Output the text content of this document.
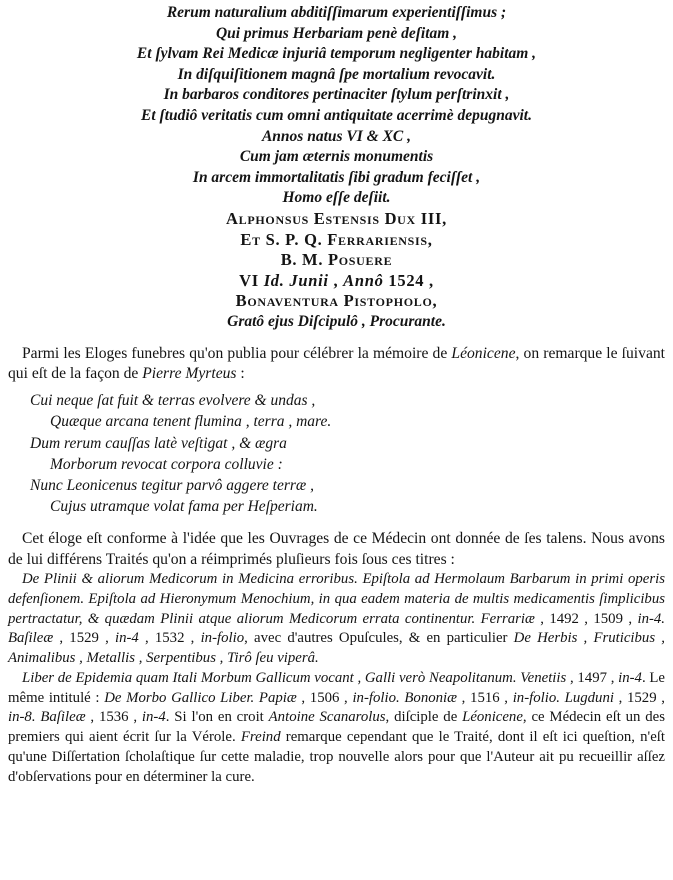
Rerum naturalium abditiſſimarum experientiſſimus ;
Qui primus Herbariam penè deſitam ,
Et ſylvam Rei Medicæ injuriâ temporum negligenter habitam ,
In diſquiſitionem magnâ ſpe mortalium revocavit.
In barbaros conditores pertinaciter ſtylum perſtrinxit ,
Et ſtudiô veritatis cum omni antiquitate acerrimè depugnavit.
Annos natus VI & XC ,
Cum jam æternis monumentis
In arcem immortalitatis ſibi gradum feciſſet ,
Homo eſſe deſiit.
Alphonsus Estensis Dux III,
Et S. P. Q. Ferrariensis,
B. M. Posuere
VI Id. Junii , Annô 1524 ,
Bonaventura Pistopholo,
Gratô ejus Diſcipulô , Procurante.

Parmi les Eloges funebres qu'on publia pour célébrer la mémoire de Léonicene, on remarque le ſuivant qui eſt de la façon de Pierre Myrteus :

Cui neque ſat fuit & terras evolvere & undas ,
Quæque arcana tenent flumina , terra , mare.
Dum rerum cauſſas latè veſtigat , & ægra
Morborum revocat corpora colluvie :
Nunc Leonicenus tegitur parvô aggere terræ ,
Cujus utramque volat fama per Heſperiam.

Cet éloge eſt conforme à l'idée que les Ouvrages de ce Médecin ont donnée de ſes talens. Nous avons de lui différens Traités qu'on a réimprimés pluſieurs fois ſous ces titres :

De Plinii & aliorum Medicorum in Medicina erroribus. Epiſtola ad Hermolaum Barbarum in primi operis defenſionem. Epiſtola ad Hieronymum Menochium, in qua eadem materia de multis medicamentis ſimplicibus pertractatur, & quædam Plinii atque aliorum Medicorum errata continentur. Ferrariæ , 1492 , 1509 , in-4. Baſileæ , 1529 , in-4 , 1532 , in-folio, avec d'autres Opuſcules, & en particulier De Herbis , Fruticibus , Animalibus , Metallis , Serpentibus , Tirô ſeu viperâ.

Liber de Epidemia quam Itali Morbum Gallicum vocant , Galli verò Neapolitanum. Venetiis , 1497 , in-4. Le même intitulé : De Morbo Gallico Liber. Papiæ , 1506 , in-folio. Bononiæ , 1516 , in-folio. Lugduni , 1529 , in-8. Baſileæ , 1536 , in-4. Si l'on en croit Antoine Scanarolus, diſciple de Léonicene, ce Médecin eſt un des premiers qui aient écrit ſur la Vérole. Freind remarque cependant que le Traité, dont il eſt ici queſtion, n'eſt qu'une Diſſertation ſcholaſtique ſur cette maladie, trop nouvelle alors pour que l'Auteur ait pu recueillir aſſez d'obſervations pour en déterminer la cure.
